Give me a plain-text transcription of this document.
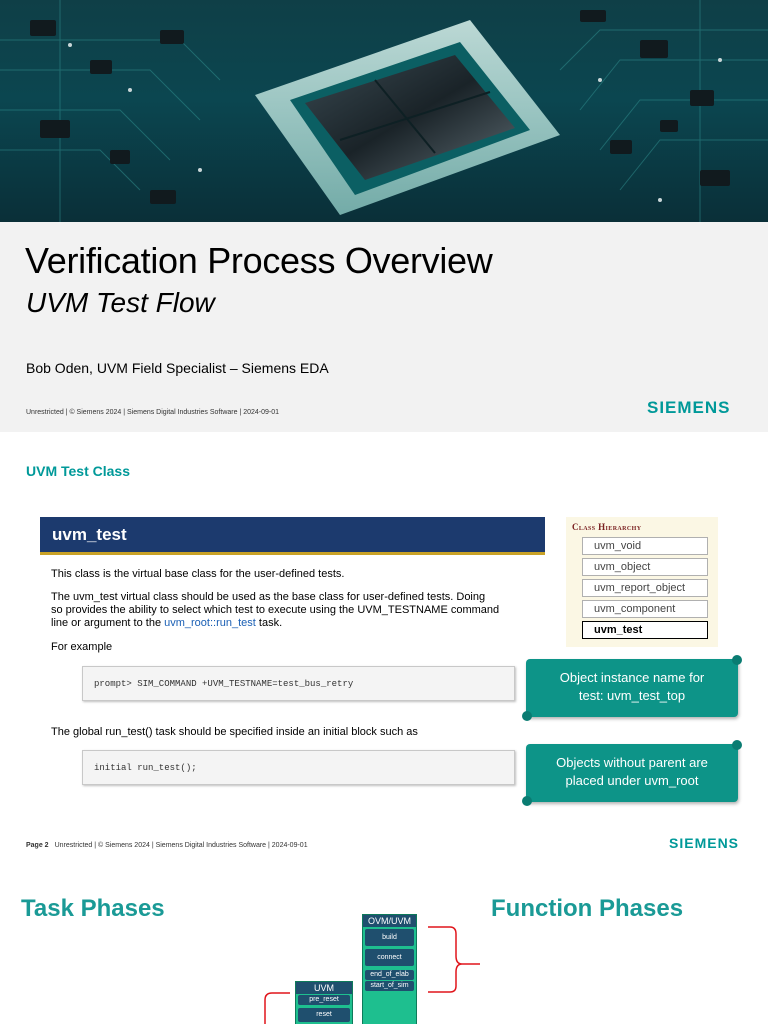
Verification Process Overview
UVM Test Flow
Bob Oden, UVM Field Specialist – Siemens EDA
Unrestricted | © Siemens 2024 | Siemens Digital Industries Software | 2024-09-01	SIEMENS
UVM Test Class
uvm_test
This class is the virtual base class for the user-defined tests.
The uvm_test virtual class should be used as the base class for user-defined tests. Doing
so provides the ability to select which test to execute using the UVM_TESTNAME command
line or argument to the uvm_root::run_test task.
For example
prompt> SIM_COMMAND +UVM_TESTNAME=test_bus_retry
The global run_test() task should be specified inside an initial block such as
initial run_test();
Class Hierarchy
uvm_void
uvm_object
uvm_report_object
uvm_component
uvm_test
Object instance name for
test: uvm_test_top
Objects without parent are
placed under uvm_root
Page 2 Unrestricted | © Siemens 2024 | Siemens Digital Industries Software | 2024-09-01	SIEMENS
Task Phases	Function Phases
OVM/UVM
build
connect
end_of_elab
start_of_sim
UVM
pre_reset
reset
